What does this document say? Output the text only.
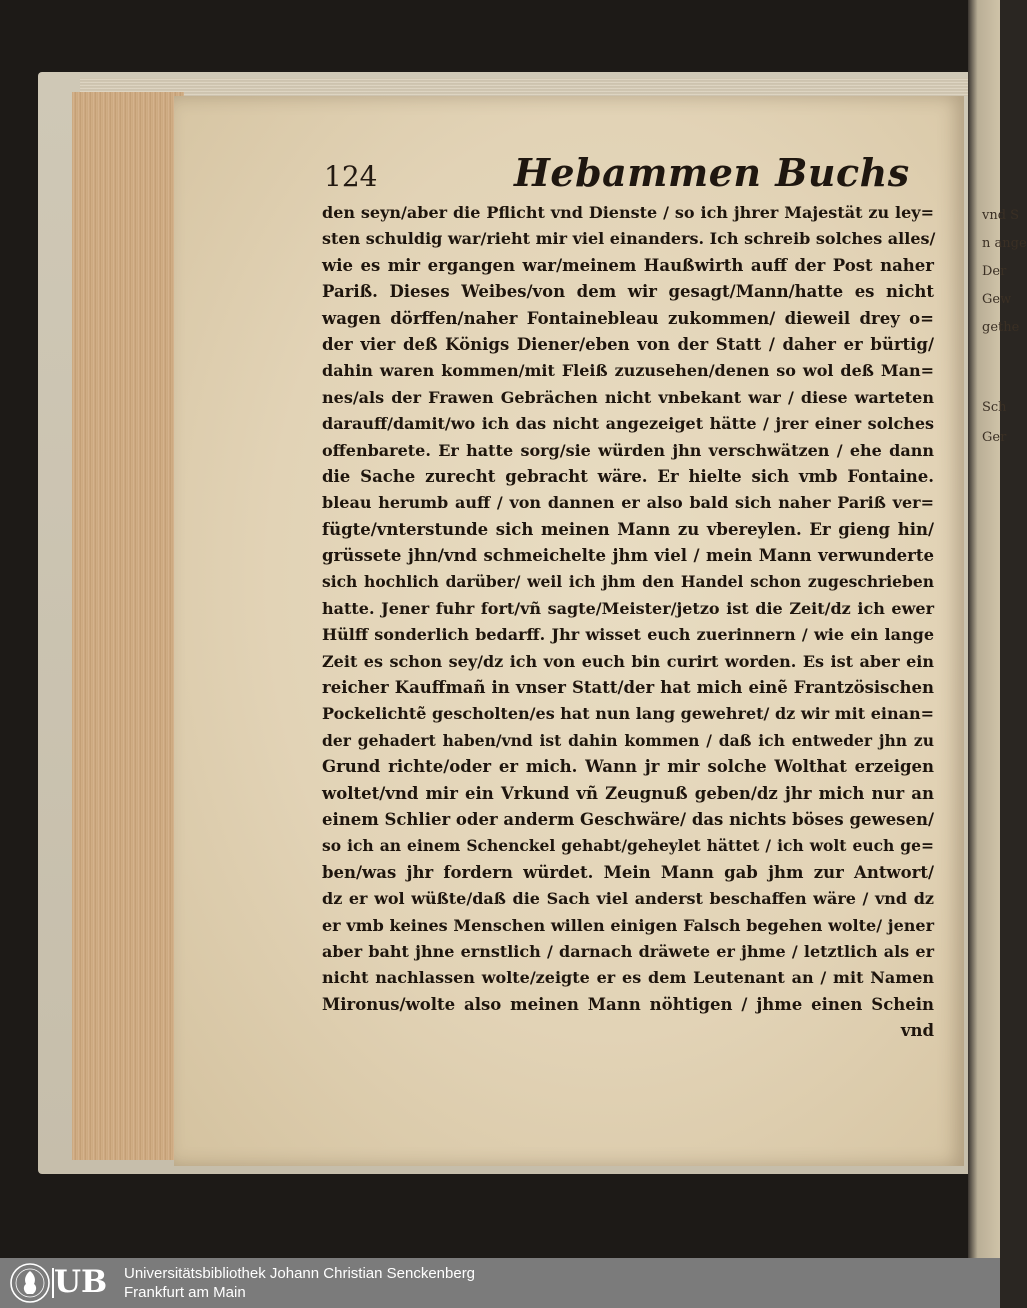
vnd S
n ange
Der
Gew
gethe
Sch
Ger
124	Hebammen Buchs
den seyn/aber die Pflicht vnd Dienste / so ich jhrer Majestät zu ley=
sten schuldig war/rieht mir viel einanders. Ich schreib solches alles/
wie es mir ergangen war/meinem Haußwirth auff der Post naher
Pariß. Dieses Weibes/von dem wir gesagt/Mann/hatte es nicht
wagen dörffen/naher Fontainebleau zukommen/ dieweil drey o=
der vier deß Königs Diener/eben von der Statt / daher er bürtig/
dahin waren kommen/mit Fleiß zuzusehen/denen so wol deß Man=
nes/als der Frawen Gebrächen nicht vnbekant war / diese warteten
darauff/damit/wo ich das nicht angezeiget hätte / jrer einer solches
offenbarete. Er hatte sorg/sie würden jhn verschwätzen / ehe dann
die Sache zurecht gebracht wäre. Er hielte sich vmb Fontaine.
bleau herumb auff / von dannen er also bald sich naher Pariß ver=
fügte/vnterstunde sich meinen Mann zu vbereylen. Er gieng hin/
grüssete jhn/vnd schmeichelte jhm viel / mein Mann verwunderte
sich hochlich darüber/ weil ich jhm den Handel schon zugeschrieben
hatte. Jener fuhr fort/vñ sagte/Meister/jetzo ist die Zeit/dz ich ewer
Hülff sonderlich bedarff. Jhr wisset euch zuerinnern / wie ein lange
Zeit es schon sey/dz ich von euch bin curirt worden. Es ist aber ein
reicher Kauffmañ in vnser Statt/der hat mich einẽ Frantzösischen
Pockelichtẽ gescholten/es hat nun lang gewehret/ dz wir mit einan=
der gehadert haben/vnd ist dahin kommen / daß ich entweder jhn zu
Grund richte/oder er mich. Wann jr mir solche Wolthat erzeigen
woltet/vnd mir ein Vrkund vñ Zeugnuß geben/dz jhr mich nur an
einem Schlier oder anderm Geschwäre/ das nichts böses gewesen/
so ich an einem Schenckel gehabt/geheylet hättet / ich wolt euch ge=
ben/was jhr fordern würdet. Mein Mann gab jhm zur Antwort/
dz er wol wüßte/daß die Sach viel anderst beschaffen wäre / vnd dz
er vmb keines Menschen willen einigen Falsch begehen wolte/ jener
aber baht jhne ernstlich / darnach dräwete er jhme / letztlich als er
nicht nachlassen wolte/zeigte er es dem Leutenant an / mit Namen
Mironus/wolte also meinen Mann nöhtigen / jhme einen Schein
vnd
UB Universitätsbibliothek Johann Christian Senckenberg
Frankfurt am Main
